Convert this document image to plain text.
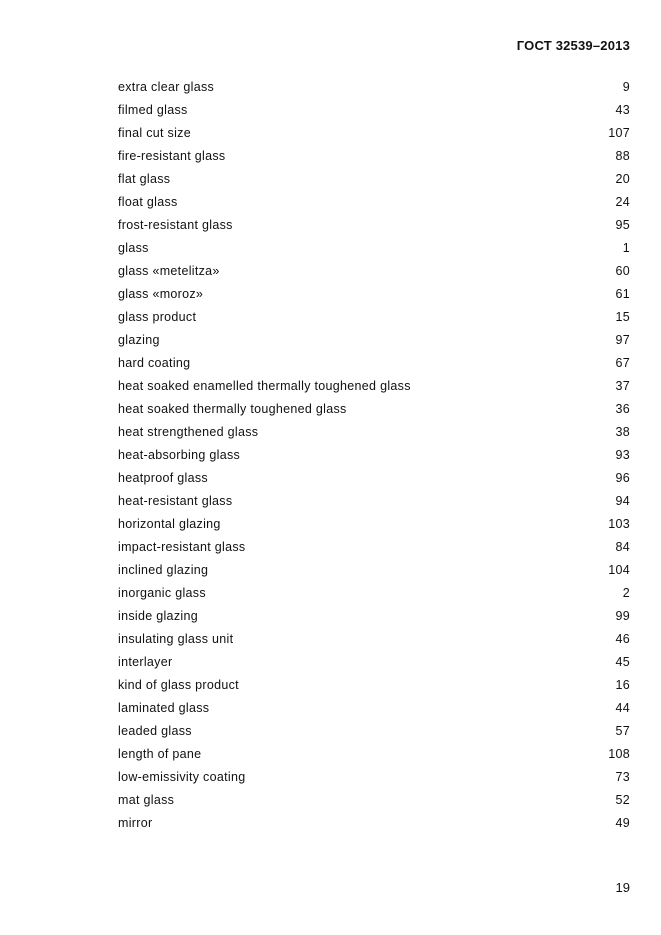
ГОСТ 32539–2013
extra clear glass	9
filmed glass	43
final cut size	107
fire-resistant glass	88
flat glass	20
float glass	24
frost-resistant glass	95
glass	1
glass «metelitza»	60
glass «moroz»	61
glass product	15
glazing	97
hard coating	67
heat soaked enamelled thermally toughened glass	37
heat soaked thermally toughened glass	36
heat strengthened glass	38
heat-absorbing glass	93
heatproof glass	96
heat-resistant glass	94
horizontal glazing	103
impact-resistant glass	84
inclined glazing	104
inorganic glass	2
inside glazing	99
insulating glass unit	46
interlayer	45
kind of glass product	16
laminated glass	44
leaded glass	57
length of pane	108
low-emissivity coating	73
mat glass	52
mirror	49
19
